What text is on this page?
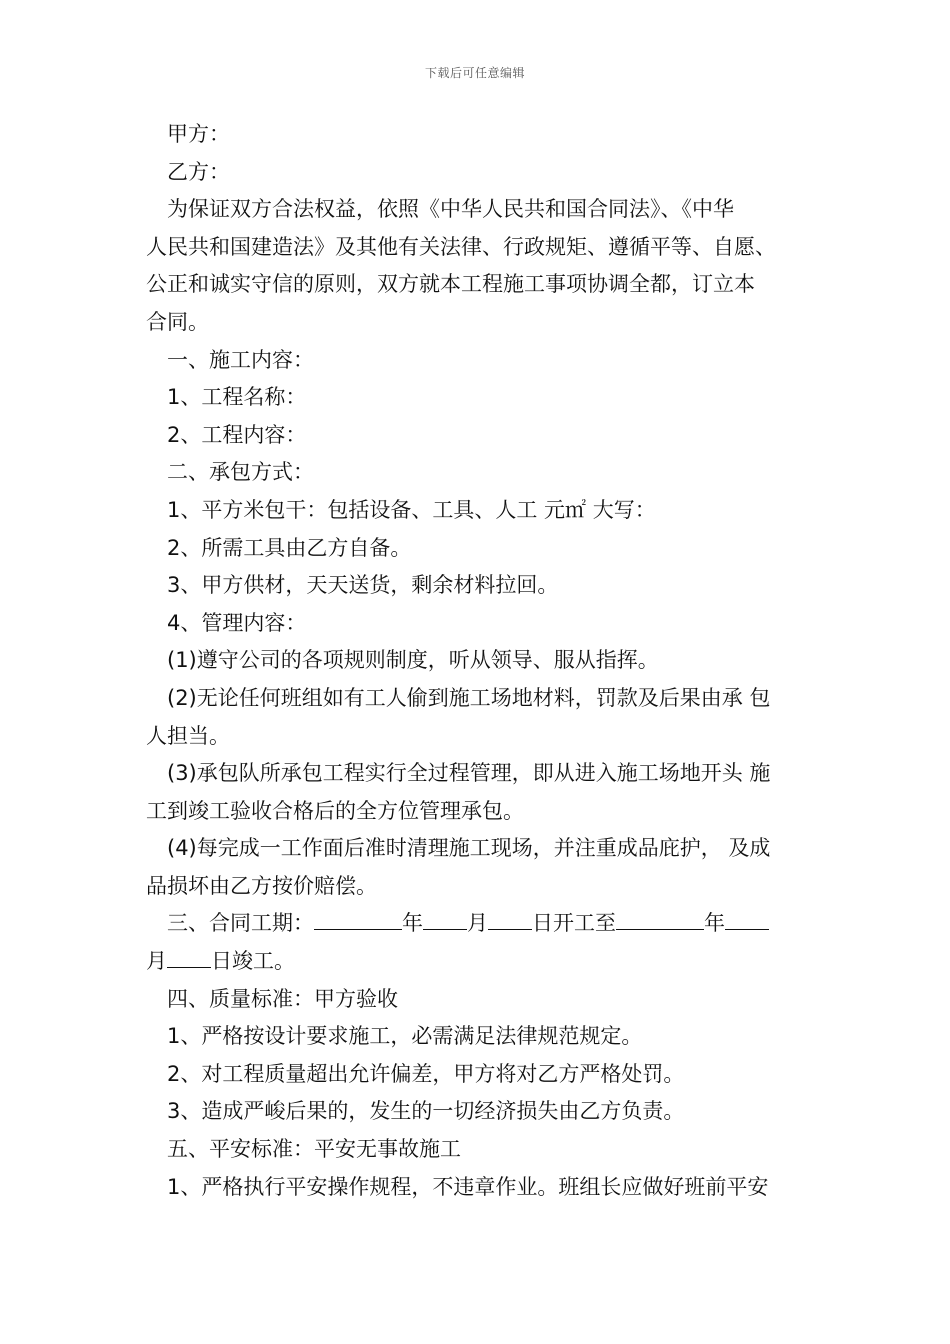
下载后可任意编辑
甲方：
乙方：
为保证双方合法权益，依照《中华人民共和国合同法》、《中华
人民共和国建造法》及其他有关法律、行政规矩、遵循平等、自愿、
公正和诚实守信的原则，双方就本工程施工事项协调全都，订立本
合同。
一、施工内容：
1、工程名称：
2、工程内容：
二、承包方式：
1、平方米包干：包括设备、工具、人工 元㎡ 大写：
2、所需工具由乙方自备。
3、甲方供材，天天送货，剩余材料拉回。
4、管理内容：
(1)遵守公司的各项规则制度，听从领导、服从指挥。
(2)无论任何班组如有工人偷到施工场地材料，罚款及后果由承 包
人担当。
(3)承包队所承包工程实行全过程管理，即从进入施工场地开头 施
工到竣工验收合格后的全方位管理承包。
(4)每完成一工作面后准时清理施工现场，并注重成品庇护， 及成
品损坏由乙方按价赔偿。
三、合同工期：	年 月 日开工至	年
月 日竣工。
四、质量标准：甲方验收
1、严格按设计要求施工，必需满足法律规范规定。
2、对工程质量超出允许偏差，甲方将对乙方严格处罚。
3、造成严峻后果的，发生的一切经济损失由乙方负责。
五、平安标准：平安无事故施工
1、严格执行平安操作规程，不违章作业。班组长应做好班前平安
